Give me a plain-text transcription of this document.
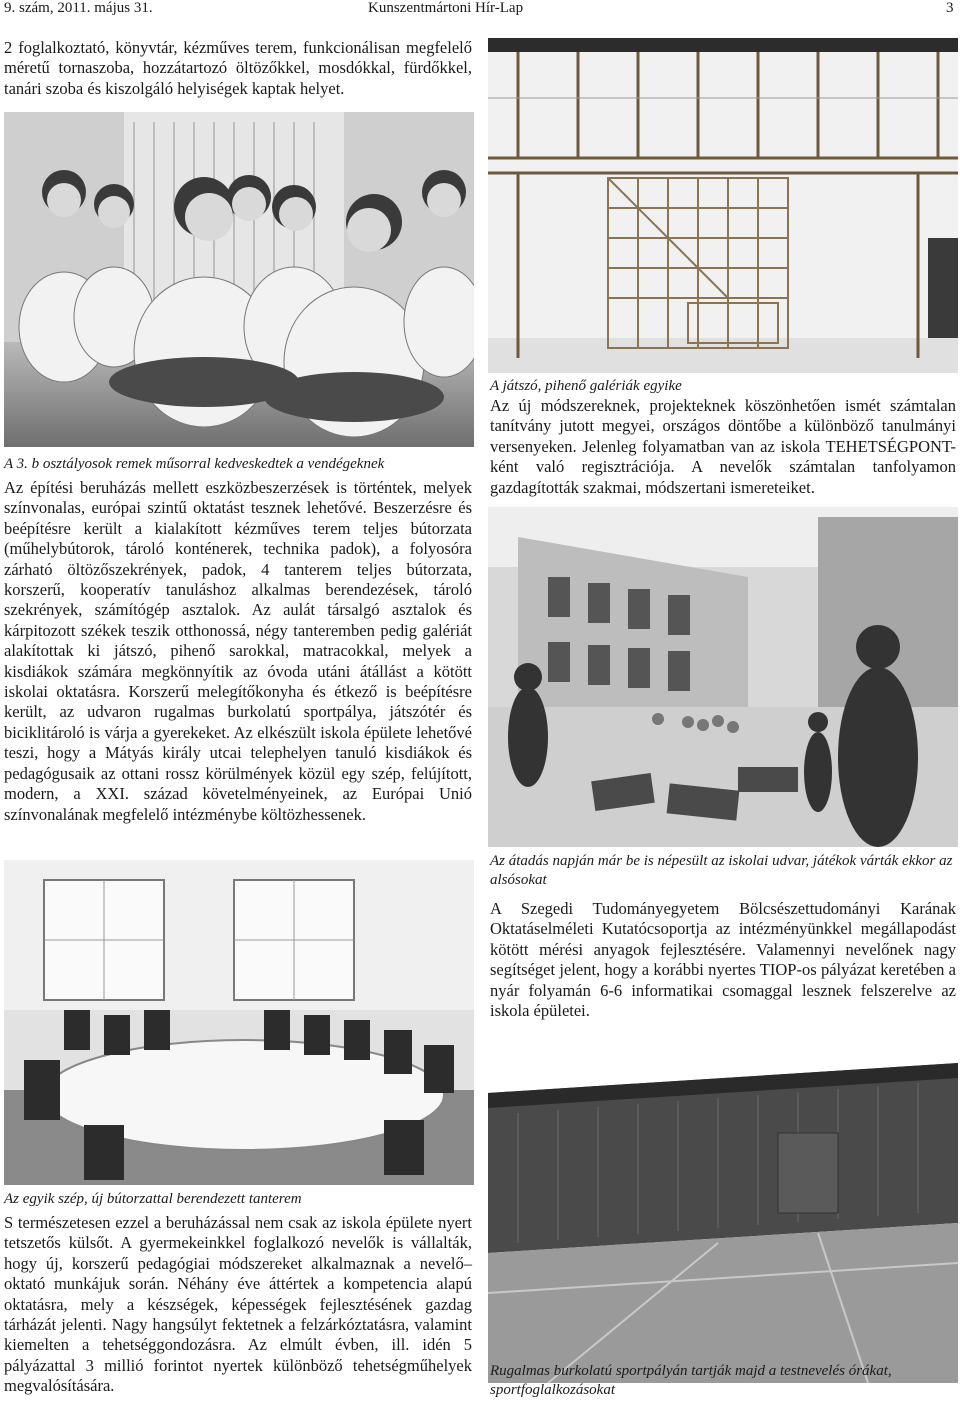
9. szám, 2011. május 31.	Kunszentmártoni Hír-Lap	3

2 foglalkoztató, könyvtár, kézműves terem, funkcionálisan megfelelő méretű tornaszoba, hozzátartozó öltözőkkel, mosdókkal, fürdőkkel, tanári szoba és kiszolgáló helyiségek kaptak helyet.

A 3. b osztályosok remek műsorral kedveskedtek a vendégeknek

Az építési beruházás mellett eszközbeszerzések is történtek, melyek színvonalas, európai szintű oktatást tesznek lehetővé. Beszerzésre és beépítésre került a kialakított kézműves terem teljes bútorzata (műhelybútorok, tároló konténerek, technika padok), a folyosóra zárható öltözőszekrények, padok, 4 tanterem teljes bútorzata, korszerű, kooperatív tanuláshoz alkalmas berendezések, tároló szekrények, számítógép asztalok. Az aulát társalgó asztalok és kárpitozott székek teszik otthonossá, négy tanteremben pedig galériát alakítottak ki játszó, pihenő sarokkal, matracokkal, melyek a kisdiákok számára megkönnyítik az óvoda utáni átállást a kötött iskolai oktatásra. Korszerű melegítőkonyha és étkező is beépítésre került, az udvaron rugalmas burkolatú sportpálya, játszótér és biciklitároló is várja a gyerekeket. Az elkészült iskola épülete lehetővé teszi, hogy a Mátyás király utcai telephelyen tanuló kisdiákok és pedagógusaik az ottani rossz körülmények közül egy szép, felújított, modern, a XXI. század követelményeinek, az Európai Unió színvonalának megfelelő intézménybe költözhessenek.

A játszó, pihenő galériák egyike

Az új módszereknek, projekteknek köszönhetően ismét számtalan tanítvány jutott megyei, országos döntőbe a különböző tanulmányi versenyeken. Jelenleg folyamatban van az iskola TEHETSÉGPONT-ként való regisztrációja. A nevelők számtalan tanfolyamon gazdagították szakmai, módszertani ismereteiket.

Az átadás napján már be is népesült az iskolai udvar, játékok várták ekkor az alsósokat

A Szegedi Tudományegyetem Bölcsészettudományi Karának Oktatáselméleti Kutatócsoportja az intézményünkkel megállapodást kötött mérési anyagok fejlesztésére. Valamennyi nevelőnek nagy segítséget jelent, hogy a korábbi nyertes TIOP-os pályázat keretében a nyár folyamán 6-6 informatikai csomaggal lesznek felszerelve az iskola épületei.

Az egyik szép, új bútorzattal berendezett tanterem

S természetesen ezzel a beruházással nem csak az iskola épülete nyert tetszetős külsőt. A gyermekeinkkel foglalkozó nevelők is vállalták, hogy új, korszerű pedagógiai módszereket alkalmaznak a nevelő–oktató munkájuk során. Néhány éve áttértek a kompetencia alapú oktatásra, mely a készségek, képességek fejlesztésének gazdag tárházát jelenti. Nagy hangsúlyt fektetnek a felzárkóztatásra, valamint kiemelten a tehetséggondozásra. Az elmúlt évben, ill. idén 5 pályázattal 3 millió forintot nyertek különböző tehetségműhelyek megvalósítására.

Rugalmas burkolatú sportpályán tartják majd a testnevelés órákat, sportfoglalkozásokat
